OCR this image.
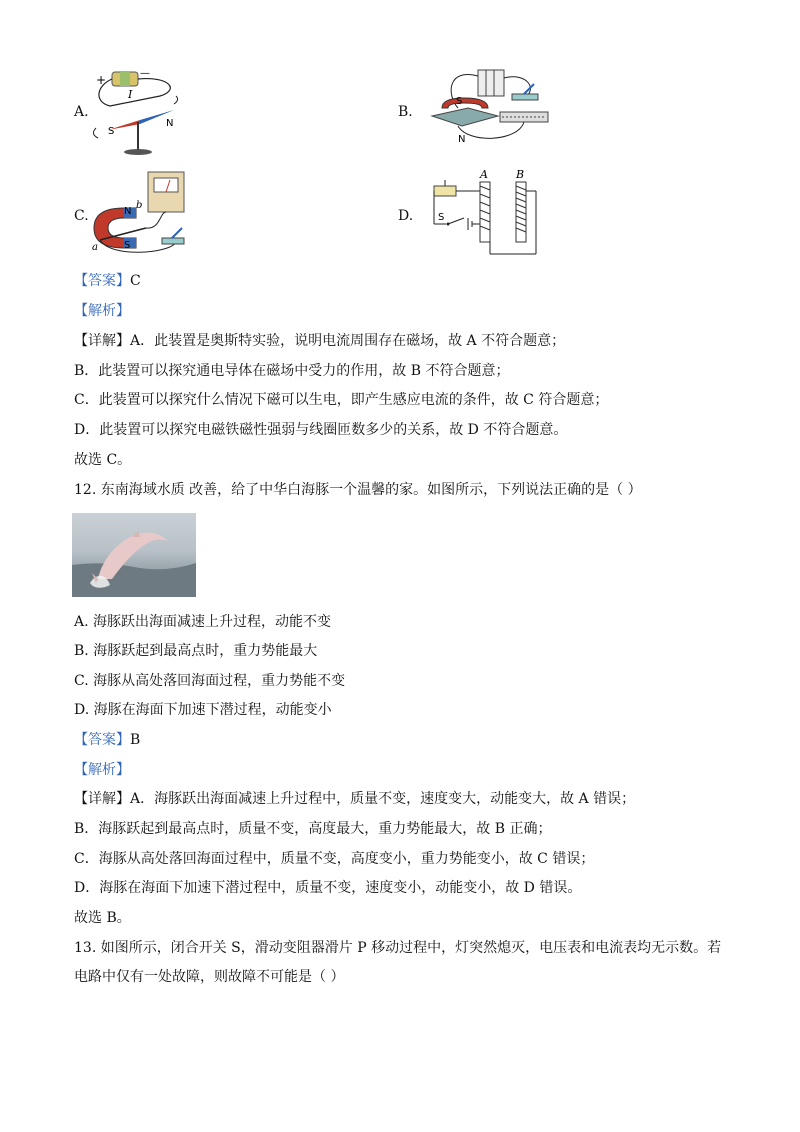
A.
+	—
I
S
N
B.
S
N
C.	N
b
a	S
D.
A	B
S
【答案】C
【解析】
【详解】A．此装置是奥斯特实验，说明电流周围存在磁场，故 A 不符合题意；
B．此装置可以探究通电导体在磁场中受力的作用，故 B 不符合题意；
C．此装置可以探究什么情况下磁可以生电，即产生感应电流的条件，故 C 符合题意；
D．此装置可以探究电磁铁磁性强弱与线圈匝数多少的关系，故 D 不符合题意。
故选 C。
12. 东南海域水质 改善，给了中华白海豚一个温馨的家。如图所示，下列说法正确的是（ ）
A. 海豚跃出海面减速上升过程，动能不变
B. 海豚跃起到最高点时，重力势能最大
C. 海豚从高处落回海面过程，重力势能不变
D. 海豚在海面下加速下潜过程，动能变小
【答案】B
【解析】
【详解】A．海豚跃出海面减速上升过程中，质量不变，速度变大，动能变大，故 A 错误；
B．海豚跃起到最高点时，质量不变，高度最大，重力势能最大，故 B 正确；
C．海豚从高处落回海面过程中，质量不变，高度变小，重力势能变小，故 C 错误；
D．海豚在海面下加速下潜过程中，质量不变，速度变小，动能变小，故 D 错误。
故选 B。
13. 如图所示，闭合开关 S，滑动变阻器滑片 P 移动过程中，灯突然熄灭，电压表和电流表均无示数。若
电路中仅有一处故障，则故障不可能是（ ）
